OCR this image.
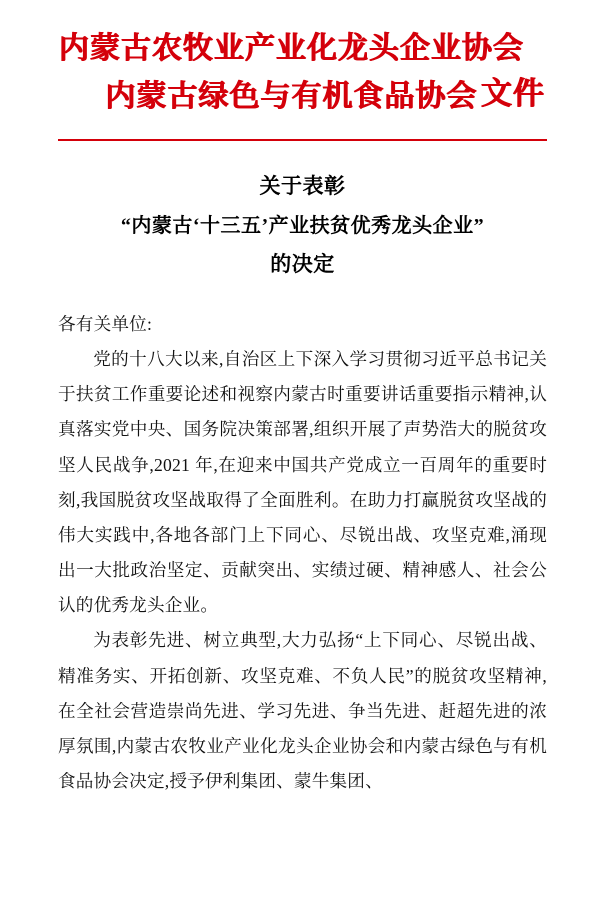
内蒙古农牧业产业化龙头企业协会
内蒙古绿色与有机食品协会 文件
关于表彰
“内蒙古‘十三五’产业扶贫优秀龙头企业”
的决定

各有关单位:

党的十八大以来,自治区上下深入学习贯彻习近平总书记关于扶贫工作重要论述和视察内蒙古时重要讲话重要指示精神,认真落实党中央、国务院决策部署,组织开展了声势浩大的脱贫攻坚人民战争,2021 年,在迎来中国共产党成立一百周年的重要时刻,我国脱贫攻坚战取得了全面胜利。在助力打赢脱贫攻坚战的伟大实践中,各地各部门上下同心、尽锐出战、攻坚克难,涌现出一大批政治坚定、贡献突出、实绩过硬、精神感人、社会公认的优秀龙头企业。

为表彰先进、树立典型,大力弘扬“上下同心、尽锐出战、精准务实、开拓创新、攻坚克难、不负人民”的脱贫攻坚精神,在全社会营造崇尚先进、学习先进、争当先进、赶超先进的浓厚氛围,内蒙古农牧业产业化龙头企业协会和内蒙古绿色与有机食品协会决定,授予伊利集团、蒙牛集团、
